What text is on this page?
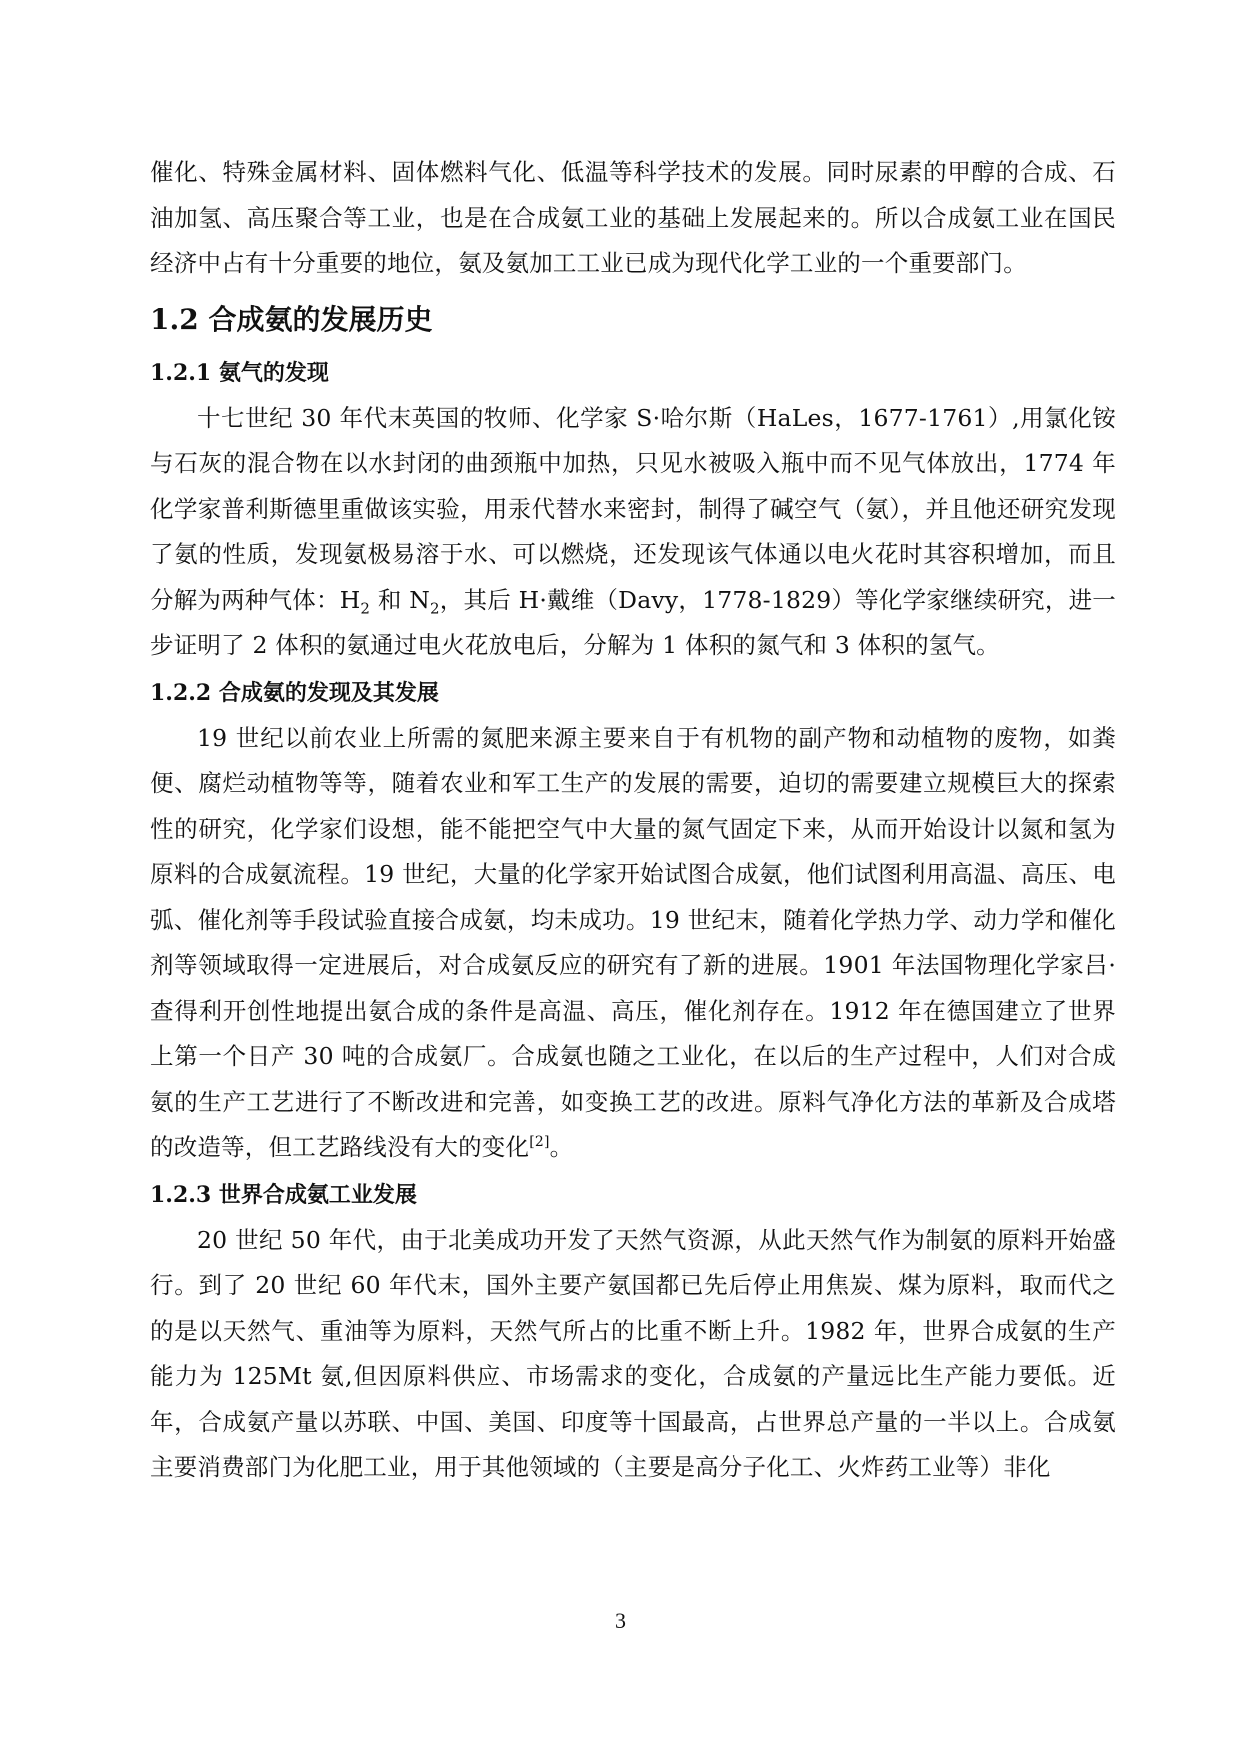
催化、特殊金属材料、固体燃料气化、低温等科学技术的发展。同时尿素的甲醇的合成、石油加氢、高压聚合等工业，也是在合成氨工业的基础上发展起来的。所以合成氨工业在国民经济中占有十分重要的地位，氨及氨加工工业已成为现代化学工业的一个重要部门。

1.2 合成氨的发展历史
1.2.1 氨气的发现

十七世纪 30 年代末英国的牧师、化学家 S·哈尔斯（HaLes，1677-1761）,用氯化铵与石灰的混合物在以水封闭的曲颈瓶中加热，只见水被吸入瓶中而不见气体放出，1774 年化学家普利斯德里重做该实验，用汞代替水来密封，制得了碱空气（氨），并且他还研究发现了氨的性质，发现氨极易溶于水、可以燃烧，还发现该气体通以电火花时其容积增加，而且分解为两种气体：$H_2$ 和 $N_2$，其后 H·戴维（Davy，1778-1829）等化学家继续研究，进一步证明了 2 体积的氨通过电火花放电后，分解为 1 体积的氮气和 3 体积的氢气。

1.2.2 合成氨的发现及其发展

19 世纪以前农业上所需的氮肥来源主要来自于有机物的副产物和动植物的废物，如粪便、腐烂动植物等等，随着农业和军工生产的发展的需要，迫切的需要建立规模巨大的探索性的研究，化学家们设想，能不能把空气中大量的氮气固定下来，从而开始设计以氮和氢为原料的合成氨流程。19 世纪，大量的化学家开始试图合成氨，他们试图利用高温、高压、电弧、催化剂等手段试验直接合成氨，均未成功。19 世纪末，随着化学热力学、动力学和催化剂等领域取得一定进展后，对合成氨反应的研究有了新的进展。1901 年法国物理化学家吕·查得利开创性地提出氨合成的条件是高温、高压，催化剂存在。1912 年在德国建立了世界上第一个日产 30 吨的合成氨厂。合成氨也随之工业化，在以后的生产过程中，人们对合成氨的生产工艺进行了不断改进和完善，如变换工艺的改进。原料气净化方法的革新及合成塔的改造等，但工艺路线没有大的变化[2]。

1.2.3 世界合成氨工业发展

20 世纪 50 年代，由于北美成功开发了天然气资源，从此天然气作为制氨的原料开始盛行。到了 20 世纪 60 年代末，国外主要产氨国都已先后停止用焦炭、煤为原料，取而代之的是以天然气、重油等为原料，天然气所占的比重不断上升。1982 年，世界合成氨的生产能力为 125Mt 氨,但因原料供应、市场需求的变化，合成氨的产量远比生产能力要低。近年，合成氨产量以苏联、中国、美国、印度等十国最高，占世界总产量的一半以上。合成氨主要消费部门为化肥工业，用于其他领域的（主要是高分子化工、火炸药工业等）非化

3
